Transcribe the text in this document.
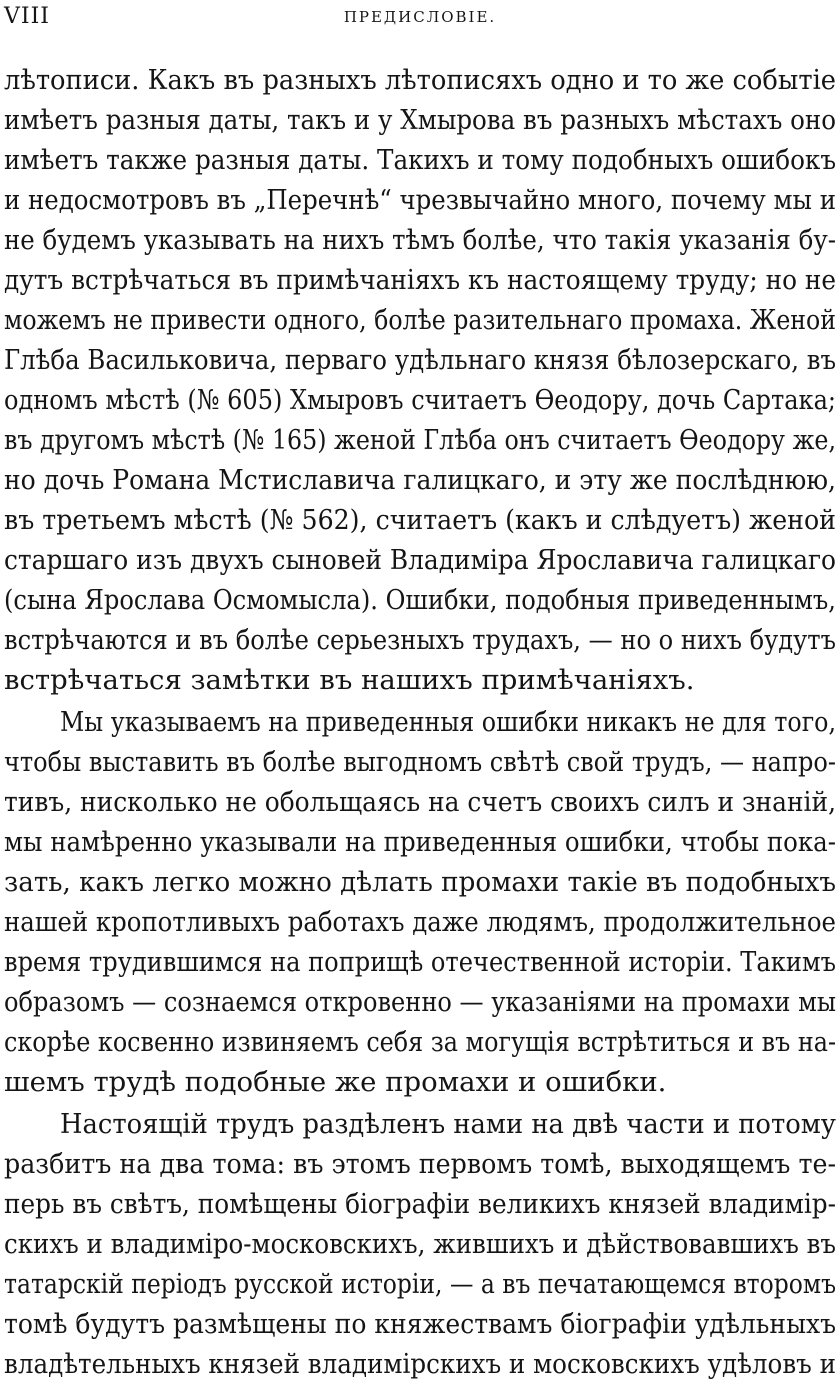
VIII	ПРЕДИСЛОВІЕ.
лѣтописи. Какъ въ разныхъ лѣтописяхъ одно и то же событіе
имѣетъ разныя даты, такъ и у Хмырова въ разныхъ мѣстахъ оно
имѣетъ также разныя даты. Такихъ и тому подобныхъ ошибокъ
и недосмотровъ въ „Перечнѣ“ чрезвычайно много, почему мы и
не будемъ указывать на нихъ тѣмъ болѣе, что такія указанія бу-
дутъ встрѣчаться въ примѣчаніяхъ къ настоящему труду; но не
можемъ не привести одного, болѣе разительнаго промаха. Женой
Глѣба Васильковича, перваго удѣльнаго князя бѣлозерскаго, въ
одномъ мѣстѣ (№ 605) Хмыровъ считаетъ Ѳеодору, дочь Сартака;
въ другомъ мѣстѣ (№ 165) женой Глѣба онъ считаетъ Ѳеодору же,
но дочь Романа Мстиславича галицкаго, и эту же послѣднюю,
въ третьемъ мѣстѣ (№ 562), считаетъ (какъ и слѣдуетъ) женой
старшаго изъ двухъ сыновей Владиміра Ярославича галицкаго
(сына Ярослава Осмомысла). Ошибки, подобныя приведеннымъ,
встрѣчаются и въ болѣе серьезныхъ трудахъ, — но о нихъ будутъ
встрѣчаться замѣтки въ нашихъ примѣчаніяхъ.
Мы указываемъ на приведенныя ошибки никакъ не для того,
чтобы выставить въ болѣе выгодномъ свѣтѣ свой трудъ, — напро-
тивъ, нисколько не обольщаясь на счетъ своихъ силъ и знаній,
мы намѣренно указывали на приведенныя ошибки, чтобы пока-
зать, какъ легко можно дѣлать промахи такіе въ подобныхъ
нашей кропотливыхъ работахъ даже людямъ, продолжительное
время трудившимся на поприщѣ отечественной исторіи. Такимъ
образомъ — сознаемся откровенно — указаніями на промахи мы
скорѣе косвенно извиняемъ себя за могущія встрѣтиться и въ на-
шемъ трудѣ подобные же промахи и ошибки.
Настоящій трудъ раздѣленъ нами на двѣ части и потому
разбитъ на два тома: въ этомъ первомъ томѣ, выходящемъ те-
перь въ свѣтъ, помѣщены біографіи великихъ князей владимір-
скихъ и владиміро-московскихъ, жившихъ и дѣйствовавшихъ въ
татарскій періодъ русской исторіи, — а въ печатающемся второмъ
томѣ будутъ размѣщены по княжествамъ біографіи удѣльныхъ
владѣтельныхъ князей владимірскихъ и московскихъ удѣловъ и
